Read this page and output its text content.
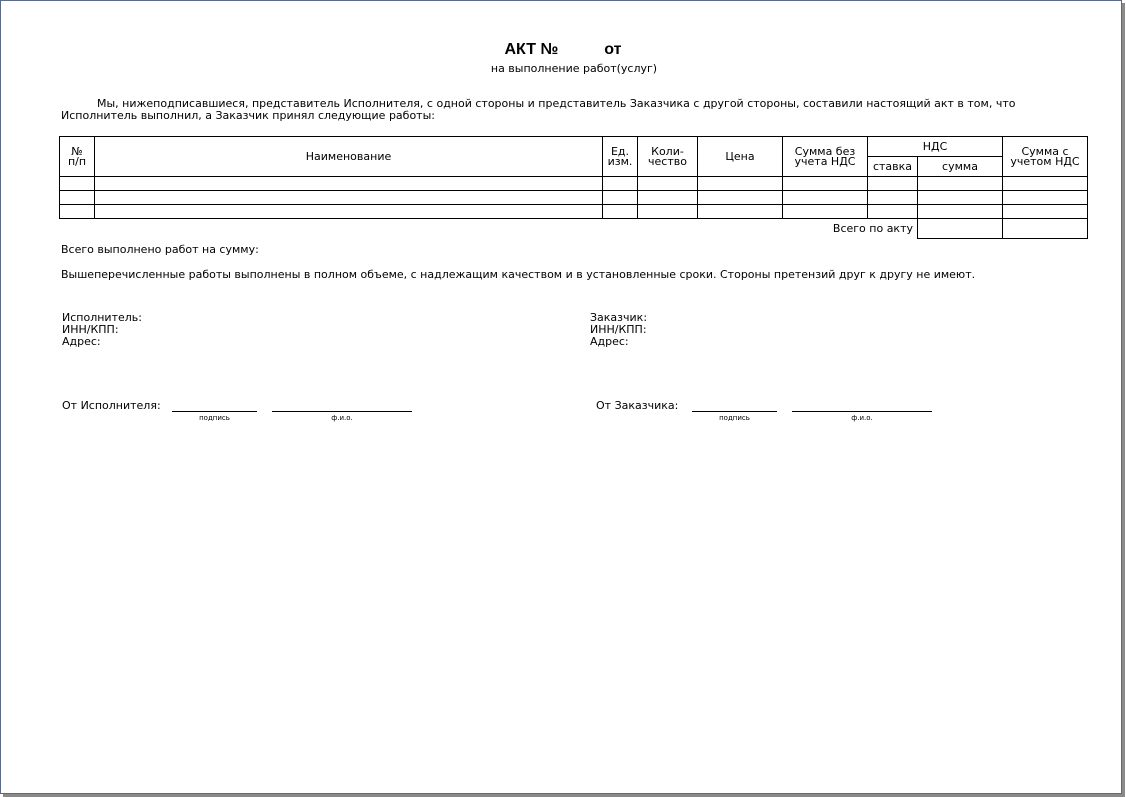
АКТ №	от
на выполнение работ(услуг)
Мы, нижеподписавшиеся, представитель Исполнителя, с одной стороны и представитель Заказчика с другой стороны, составили настоящий акт в том, что Исполнитель выполнил, а Заказчик принял следующие работы:
№ п/п	Наименование	Ед. изм.	Коли-чество	Цена	Сумма без учета НДС	НДС		Сумма с учетом НДС
						ставка	сумма	

Всего по акту								
Всего выполнено работ на сумму:
Вышеперечисленные работы выполнены в полном объеме, с надлежащим качеством и в установленные сроки. Стороны претензий друг к другу не имеют.
Исполнитель:
ИНН/КПП:
Адрес:
Заказчик:
ИНН/КПП:
Адрес:
От Исполнителя:
подпись	ф.и.о.
От Заказчика:
подпись	ф.и.о.
